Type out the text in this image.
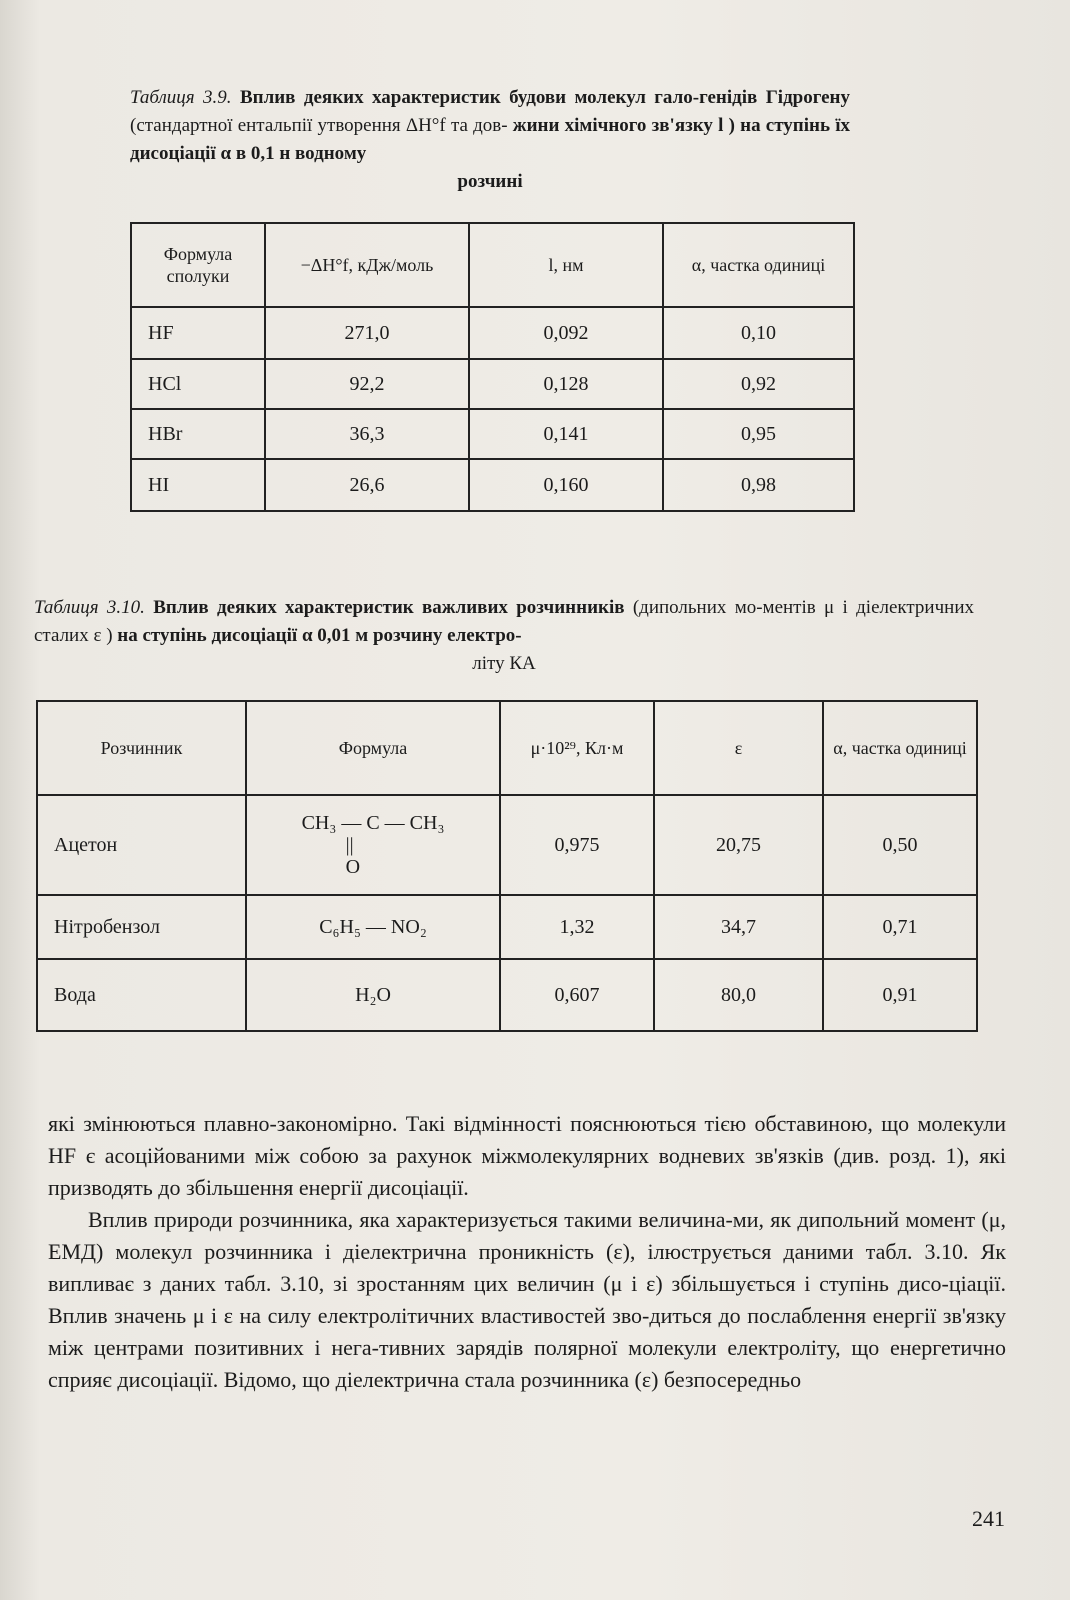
Таблиця 3.9. Вплив деяких характеристик будови молекул гало-генідів Гідрогену (стандартної ентальпії утворення ΔH°f та дов- жини хімічного зв'язку l ) на ступінь їх дисоціації α в 0,1 н водному
розчині
Формула сполуки	−ΔH°f, кДж/моль	l, нм	α, частка одиниці
HF	271,0	0,092	0,10
HCl	92,2	0,128	0,92
HBr	36,3	0,141	0,95
HI	26,6	0,160	0,98
Таблиця 3.10. Вплив деяких характеристик важливих розчинників (дипольних мо-ментів μ і діелектричних сталих ε ) на ступінь дисоціації α 0,01 м розчину електро-
літу КА
Розчинник	Формула	μ·10²⁹, Кл·м	ε	α, частка одиниці
Ацетон	CH₃ — C — CH₃
||
O	0,975	20,75	0,50
Нітробензол	C₆H₅ — NO₂	1,32	34,7	0,71
Вода	H₂O	0,607	80,0	0,91

які змінюються плавно-закономірно. Такі відмінності пояснюються тією обставиною, що молекули HF є асоційованими між собою за рахунок міжмолекулярних водневих зв'язків (див. розд. 1), які призводять до збільшення енергії дисоціації.

Вплив природи розчинника, яка характеризується такими величина-ми, як дипольний момент (μ, ЕМД) молекул розчинника і діелектрична проникність (ε), ілюструється даними табл. 3.10. Як випливає з даних табл. 3.10, зі зростанням цих величин (μ і ε) збільшується і ступінь дисо-ціації. Вплив значень μ і ε на силу електролітичних властивостей зво-диться до послаблення енергії зв'язку між центрами позитивних і нега-тивних зарядів полярної молекули електроліту, що енергетично сприяє дисоціації. Відомо, що діелектрична стала розчинника (ε) безпосередньо

241
